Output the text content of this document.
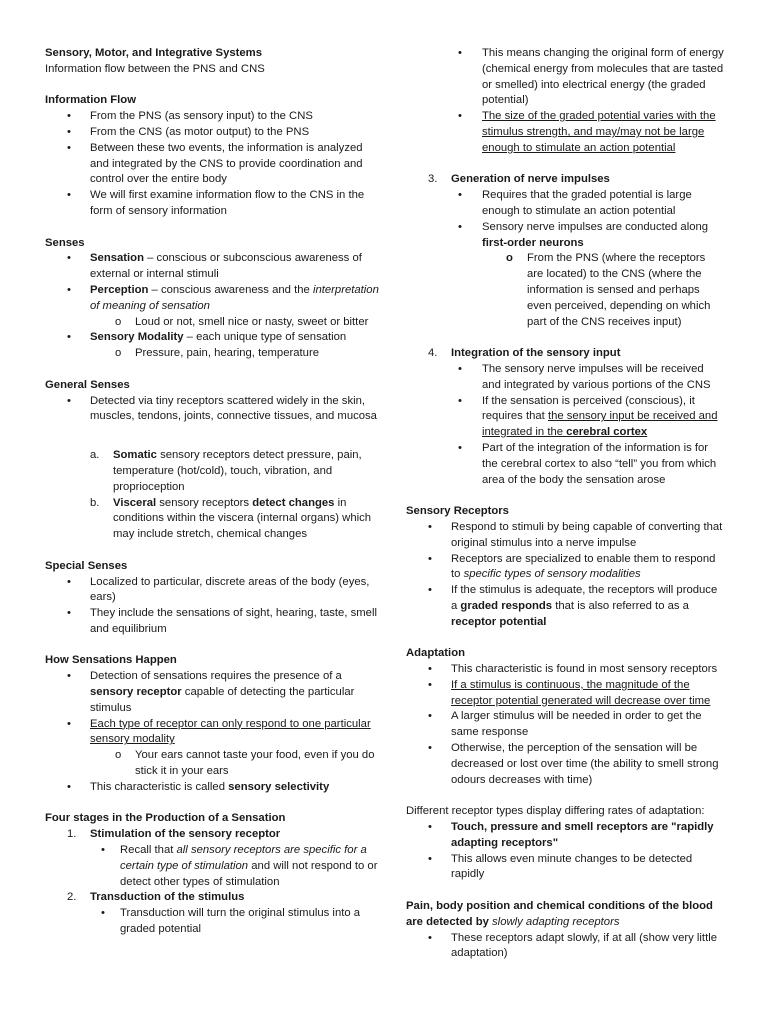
Sensory, Motor, and Integrative Systems

Information flow between the PNS and CNS

Information Flow

• From the PNS (as sensory input) to the CNS
• From the CNS (as motor output) to the PNS
• Between these two events, the information is analyzed and integrated by the CNS to provide coordination and control over the entire body
• We will first examine information flow to the CNS in the form of sensory information

Senses

• Sensation – conscious or subconscious awareness of external or internal stimuli
• Perception – conscious awareness and the interpretation of meaning of sensation
o Loud or not, smell nice or nasty, sweet or bitter
• Sensory Modality – each unique type of sensation
o Pressure, pain, hearing, temperature

General Senses

• Detected via tiny receptors scattered widely in the skin, muscles, tendons, joints, connective tissues, and mucosa
a. Somatic sensory receptors detect pressure, pain, temperature (hot/cold), touch, vibration, and proprioception
b. Visceral sensory receptors detect changes in conditions within the viscera (internal organs) which may include stretch, chemical changes

Special Senses

• Localized to particular, discrete areas of the body (eyes, ears)
• They include the sensations of sight, hearing, taste, smell and equilibrium

How Sensations Happen

• Detection of sensations requires the presence of a sensory receptor capable of detecting the particular stimulus
• Each type of receptor can only respond to one particular sensory modality
o Your ears cannot taste your food, even if you do stick it in your ears
• This characteristic is called sensory selectivity

Four stages in the Production of a Sensation

1. Stimulation of the sensory receptor
• Recall that all sensory receptors are specific for a certain type of stimulation and will not respond to or detect other types of stimulation
2. Transduction of the stimulus
• Transduction will turn the original stimulus into a graded potential
• This means changing the original form of energy (chemical energy from molecules that are tasted or smelled) into electrical energy (the graded potential)
• The size of the graded potential varies with the stimulus strength, and may/may not be large enough to stimulate an action potential
3. Generation of nerve impulses
• Requires that the graded potential is large enough to stimulate an action potential
• Sensory nerve impulses are conducted along first-order neurons
o From the PNS (where the receptors are located) to the CNS (where the information is sensed and perhaps even perceived, depending on which part of the CNS receives input)
4. Integration of the sensory input
• The sensory nerve impulses will be received and integrated by various portions of the CNS
• If the sensation is perceived (conscious), it requires that the sensory input be received and integrated in the cerebral cortex
• Part of the integration of the information is for the cerebral cortex to also “tell” you from which area of the body the sensation arose

Sensory Receptors

• Respond to stimuli by being capable of converting that original stimulus into a nerve impulse
• Receptors are specialized to enable them to respond to specific types of sensory modalities
• If the stimulus is adequate, the receptors will produce a graded responds that is also referred to as a receptor potential

Adaptation

• This characteristic is found in most sensory receptors
• If a stimulus is continuous, the magnitude of the receptor potential generated will decrease over time
• A larger stimulus will be needed in order to get the same response
• Otherwise, the perception of the sensation will be decreased or lost over time (the ability to smell strong odours decreases with time)

Different receptor types display differing rates of adaptation:

• Touch, pressure and smell receptors are "rapidly adapting receptors"
• This allows even minute changes to be detected rapidly

Pain, body position and chemical conditions of the blood are detected by slowly adapting receptors

• These receptors adapt slowly, if at all (show very little adaptation)
